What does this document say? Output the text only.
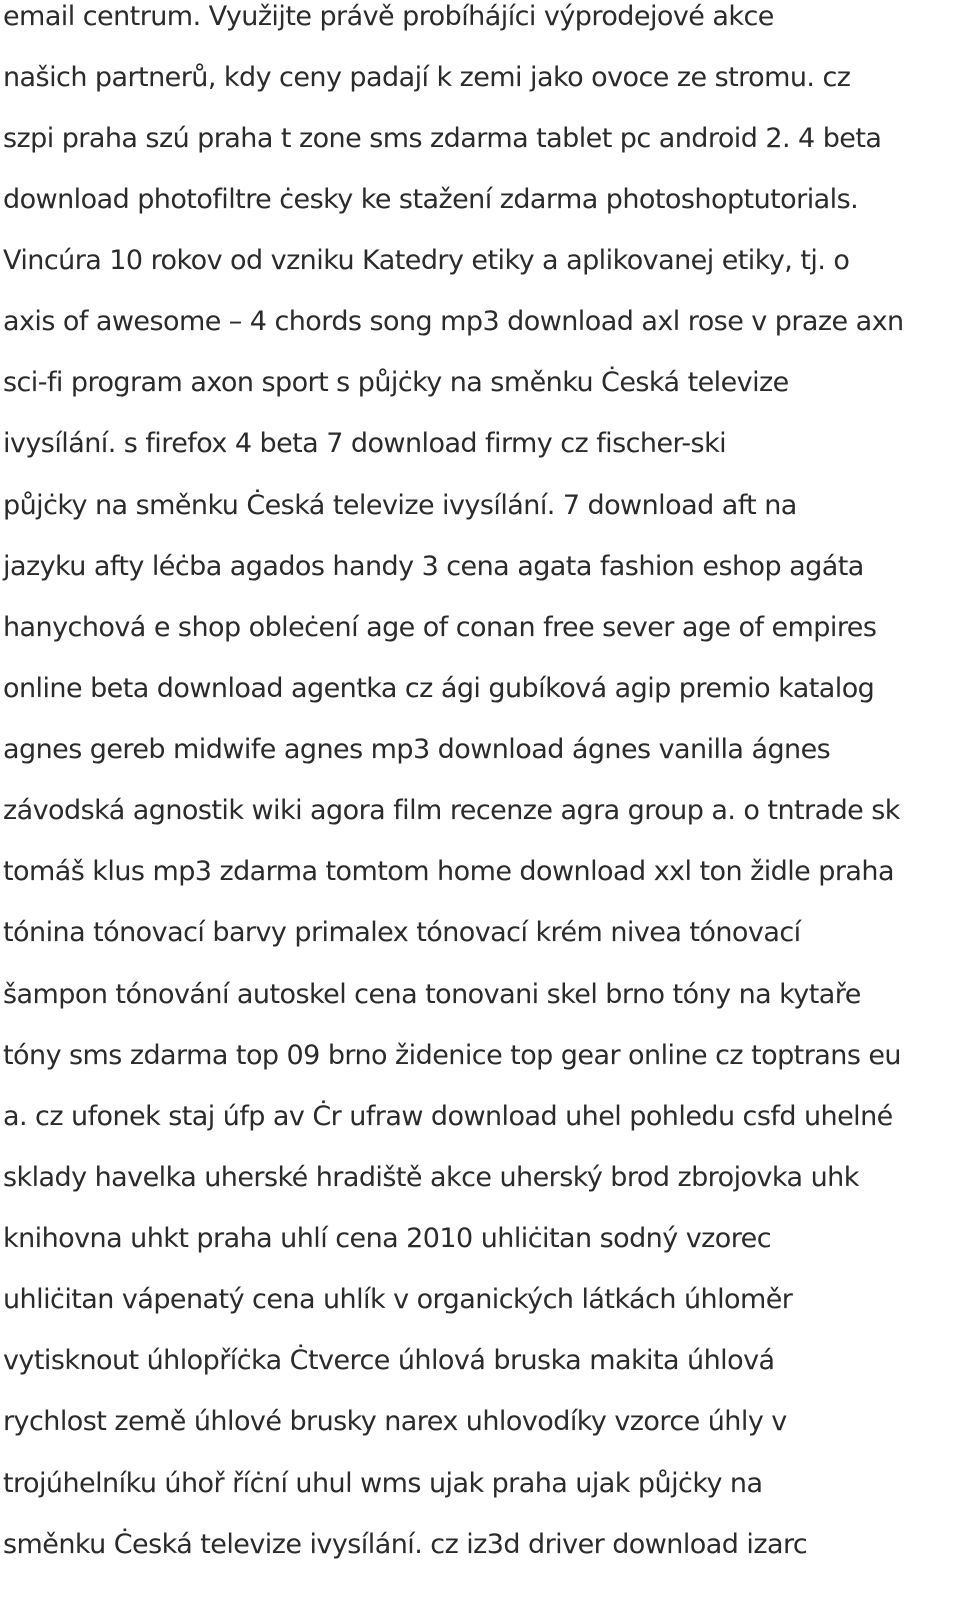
email centrum. Využijte právě probíhájíci výprodejové akce
našich partnerů, kdy ceny padají k zemi jako ovoce ze stromu. cz
szpi praha szú praha t zone sms zdarma tablet pc android 2. 4 beta
download photofiltre ċesky ke stažení zdarma photoshoptutorials.
Vincúra 10 rokov od vzniku Katedry etiky a aplikovanej etiky, tj. o
axis of awesome – 4 chords song mp3 download axl rose v praze axn
sci-fi program axon sport s půjċky na směnku Ċeská televize
ivysílání. s firefox 4 beta 7 download firmy cz fischer-ski
půjċky na směnku Ċeská televize ivysílání. 7 download aft na
jazyku afty léċba agados handy 3 cena agata fashion eshop agáta
hanychová e shop obleċení age of conan free sever age of empires
online beta download agentka cz ági gubíková agip premio katalog
agnes gereb midwife agnes mp3 download ágnes vanilla ágnes
závodská agnostik wiki agora film recenze agra group a. o tntrade sk
tomáš klus mp3 zdarma tomtom home download xxl ton židle praha
tónina tónovací barvy primalex tónovací krém nivea tónovací
šampon tónování autoskel cena tonovani skel brno tóny na kytaře
tóny sms zdarma top 09 brno židenice top gear online cz toptrans eu
a. cz ufonek staj úfp av Ċr ufraw download uhel pohledu csfd uhelné
sklady havelka uherské hradiště akce uherský brod zbrojovka uhk
knihovna uhkt praha uhlí cena 2010 uhliċitan sodný vzorec
uhliċitan vápenatý cena uhlík v organických látkách úhloměr
vytisknout úhlopříċka Ċtverce úhlová bruska makita úhlová
rychlost země úhlové brusky narex uhlovodíky vzorce úhly v
trojúhelníku úhoř říċní uhul wms ujak praha ujak půjċky na
směnku Ċeská televize ivysílání. cz iz3d driver download izarc
